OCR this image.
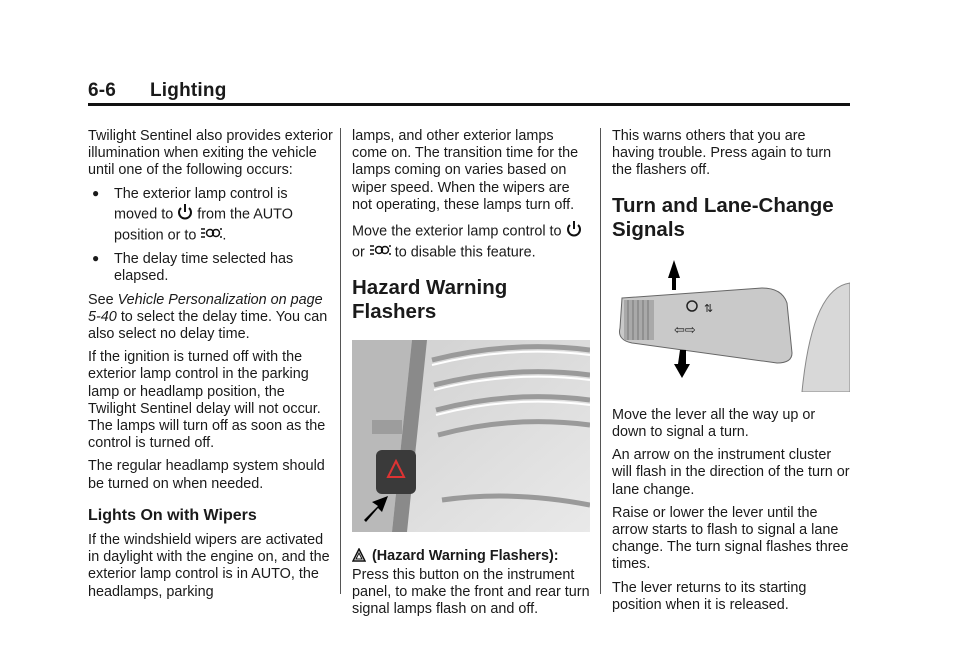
6-6 Lighting

Twilight Sentinel also provides exterior illumination when exiting the vehicle until one of the following occurs:

● The exterior lamp control is moved to from the AUTO position or to .
● The delay time selected has elapsed.

See Vehicle Personalization on page 5-40 to select the delay time. You can also select no delay time.

If the ignition is turned off with the exterior lamp control in the parking lamp or headlamp position, the Twilight Sentinel delay will not occur. The lamps will turn off as soon as the control is turned off.

The regular headlamp system should be turned on when needed.

Lights On with Wipers

If the windshield wipers are activated in daylight with the engine on, and the exterior lamp control is in AUTO, the headlamps, parking

lamps, and other exterior lamps come on. The transition time for the lamps coming on varies based on wiper speed. When the wipers are not operating, these lamps turn off.

Move the exterior lamp control to  or to disable this feature.

Hazard Warning Flashers

(Hazard Warning Flashers): Press this button on the instrument panel, to make the front and rear turn signal lamps flash on and off.

This warns others that you are having trouble. Press again to turn the flashers off.

Turn and Lane-Change Signals
⇅
⇦⇨

Move the lever all the way up or down to signal a turn.

An arrow on the instrument cluster will flash in the direction of the turn or lane change.

Raise or lower the lever until the arrow starts to flash to signal a lane change. The turn signal flashes three times.

The lever returns to its starting position when it is released.
